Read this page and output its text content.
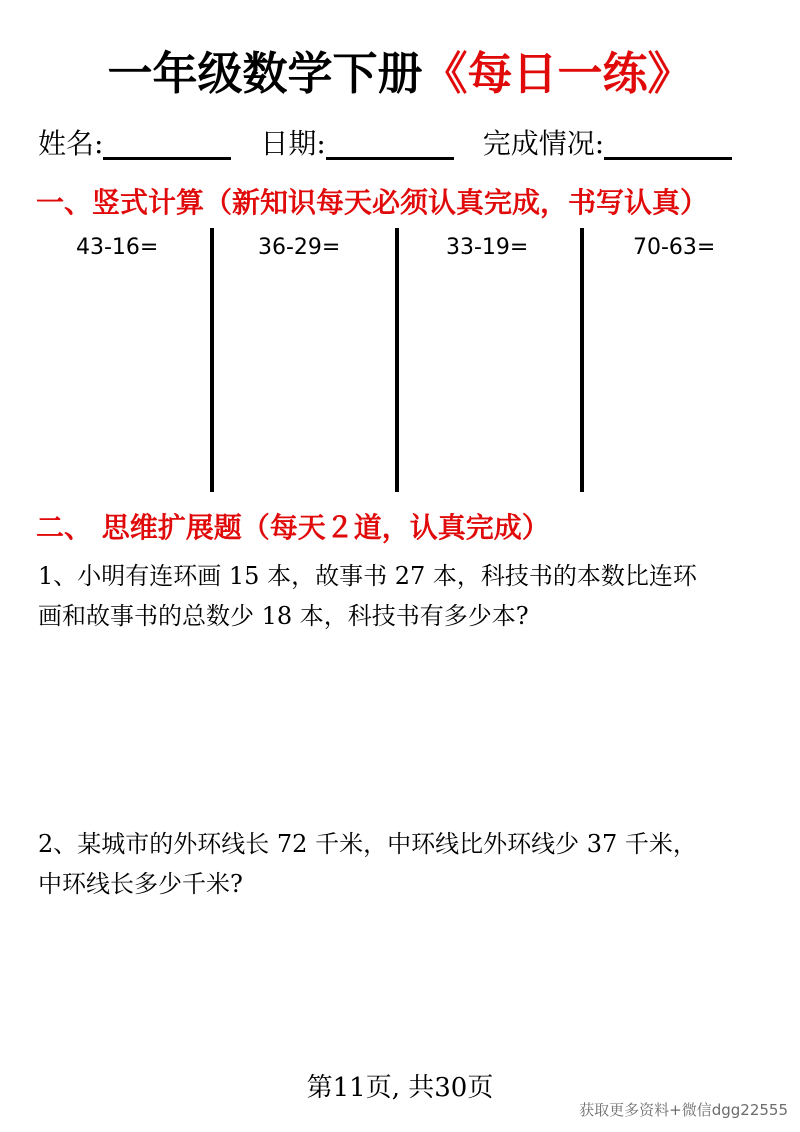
一年级数学下册《每日一练》
姓名:	日期:	完成情况:
一、竖式计算（新知识每天必须认真完成，书写认真）
43-16=	36-29=	33-19=	70-63=
二、 思维扩展题（每天２道，认真完成）
1、小明有连环画 15 本，故事书 27 本，科技书的本数比连环
画和故事书的总数少 18 本，科技书有多少本?
2、某城市的外环线长 72 千米，中环线比外环线少 37 千米，
中环线长多少千米?
第11页, 共30页
获取更多资料+微信dgg22555
